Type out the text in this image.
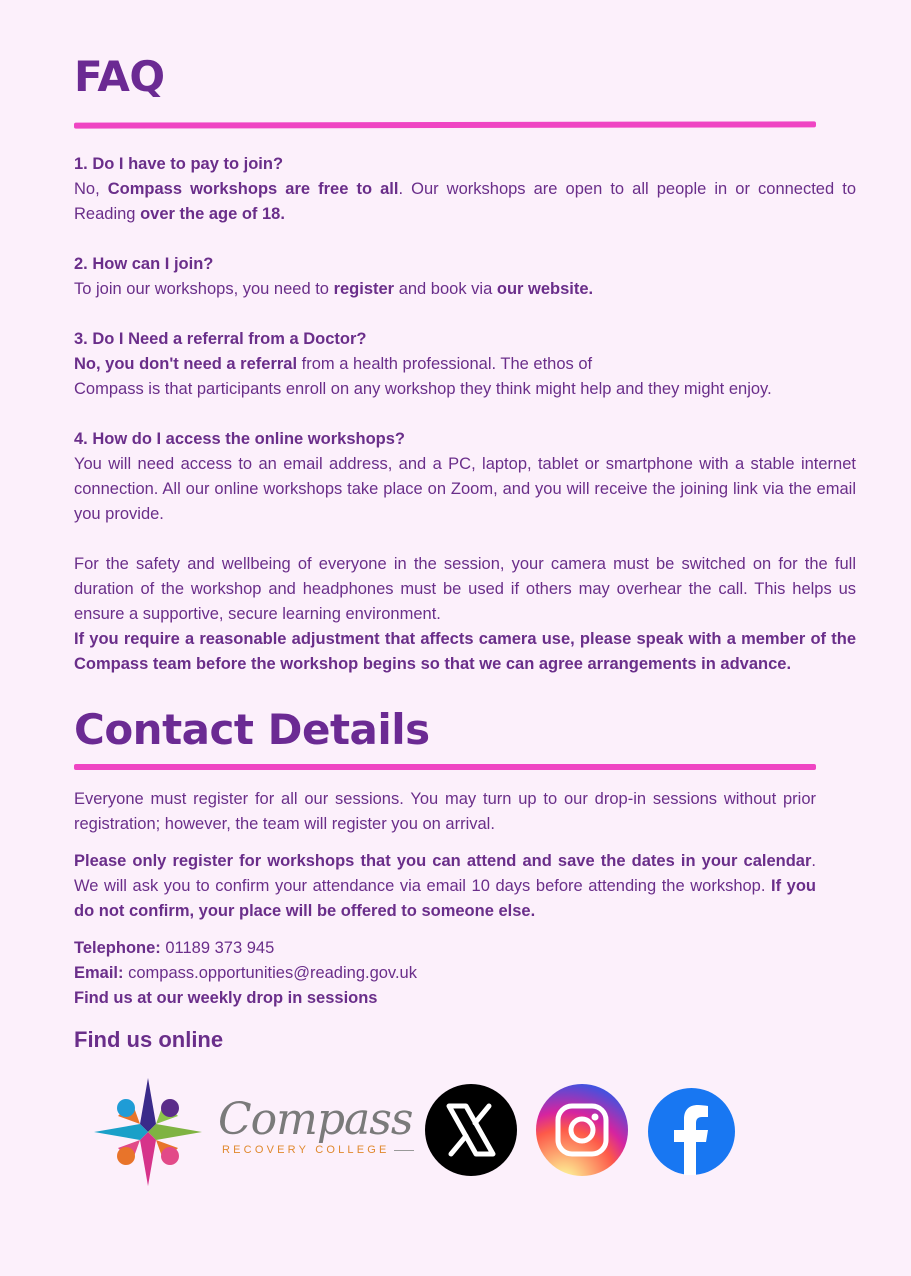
FAQ

1. Do I have to pay to join?

No, Compass workshops are free to all. Our workshops are open to all people in or connected to Reading over the age of 18.

2. How can I join?

To join our workshops, you need to register and book via our website.

3. Do I Need a referral from a Doctor?

No, you don't need a referral from a health professional. The ethos of
Compass is that participants enroll on any workshop they think might help and they might enjoy.

4. How do I access the online workshops?

You will need access to an email address, and a PC, laptop, tablet or smartphone with a stable internet connection. All our online workshops take place on Zoom, and you will receive the joining link via the email you provide.

For the safety and wellbeing of everyone in the session, your camera must be switched on for the full duration of the workshop and headphones must be used if others may overhear the call. This helps us ensure a supportive, secure learning environment.

If you require a reasonable adjustment that affects camera use, please speak with a member of the Compass team before the workshop begins so that we can agree arrangements in advance.

Contact Details

Everyone must register for all our sessions. You may turn up to our drop-in sessions without prior registration; however, the team will register you on arrival.

Please only register for workshops that you can attend and save the dates in your calendar. We will ask you to confirm your attendance via email 10 days before attending the workshop. If you do not confirm, your place will be offered to someone else.

Telephone: 01189 373 945

Email: compass.opportunities@reading.gov.uk

Find us at our weekly drop in sessions

Find us online

Compass
RECOVERY COLLEGE
